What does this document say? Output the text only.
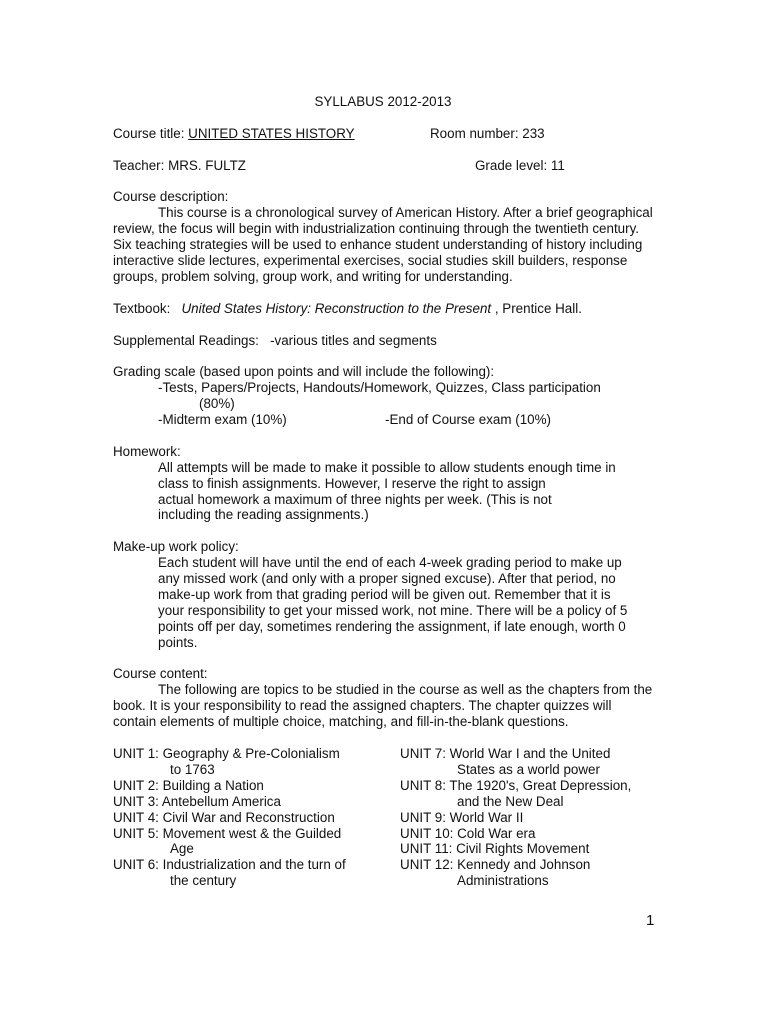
SYLLABUS 2012-2013

Course title: UNITED STATES HISTORY	Room number: 233

Teacher: MRS. FULTZ	Grade level: 11

Course description:

This course is a chronological survey of American History. After a brief geographical review, the focus will begin with industrialization continuing through the twentieth century. Six teaching strategies will be used to enhance student understanding of history including interactive slide lectures, experimental exercises, social studies skill builders, response groups, problem solving, group work, and writing for understanding.

Textbook: United States History: Reconstruction to the Present , Prentice Hall.

Supplemental Readings: -various titles and segments

Grading scale (based upon points and will include the following):

-Tests, Papers/Projects, Handouts/Homework, Quizzes, Class participation

(80%)

-Midterm exam (10%)	-End of Course exam (10%)

Homework:

All attempts will be made to make it possible to allow students enough time in

class to finish assignments. However, I reserve the right to assign

actual homework a maximum of three nights per week. (This is not

including the reading assignments.)

Make-up work policy:

Each student will have until the end of each 4-week grading period to make up

any missed work (and only with a proper signed excuse). After that period, no

make-up work from that grading period will be given out. Remember that it is

your responsibility to get your missed work, not mine. There will be a policy of 5

points off per day, sometimes rendering the assignment, if late enough, worth 0

points.

Course content:

The following are topics to be studied in the course as well as the chapters from the book. It is your responsibility to read the assigned chapters. The chapter quizzes will contain elements of multiple choice, matching, and fill-in-the-blank questions.

UNIT 1: Geography & Pre-Colonialism

to 1763

UNIT 2: Building a Nation

UNIT 3: Antebellum America

UNIT 4: Civil War and Reconstruction

UNIT 5: Movement west & the Guilded

Age

UNIT 6: Industrialization and the turn of

the century

UNIT 7: World War I and the United

States as a world power

UNIT 8: The 1920's, Great Depression,

and the New Deal

UNIT 9: World War II

UNIT 10: Cold War era

UNIT 11: Civil Rights Movement

UNIT 12: Kennedy and Johnson

Administrations

1
